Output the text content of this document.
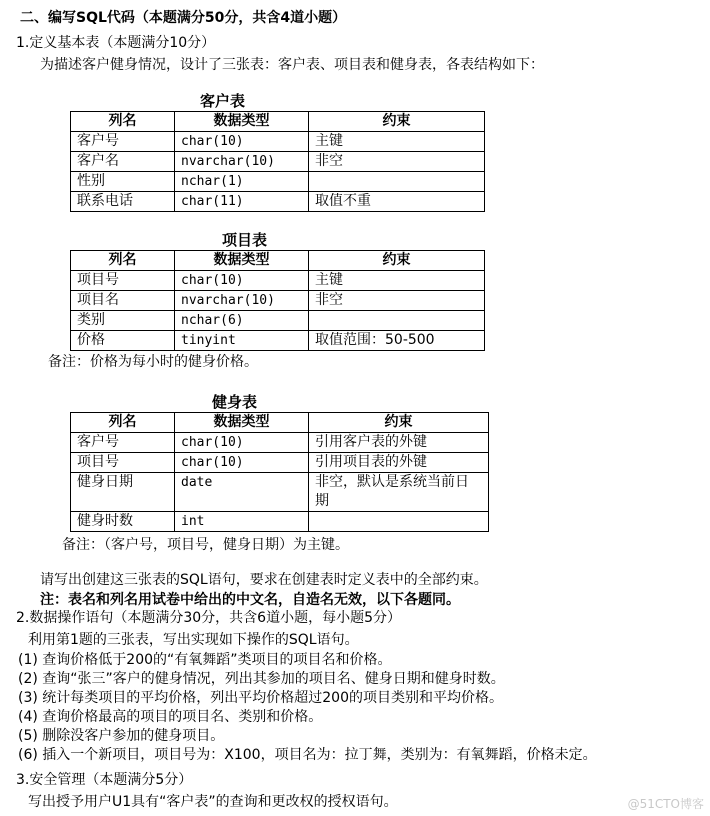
二、编写SQL代码（本题满分50分，共含4道小题）
1.定义基本表（本题满分10分）
为描述客户健身情况，设计了三张表：客户表、项目表和健身表，各表结构如下：
客户表
列名	数据类型	约束
客户号	char(10)	主键
客户名	nvarchar(10)	非空
性别	nchar(1)	
联系电话	char(11)	取值不重
项目表
列名	数据类型	约束
项目号	char(10)	主键
项目名	nvarchar(10)	非空
类别	nchar(6)	
价格	tinyint	取值范围：50-500
备注：价格为每小时的健身价格。
健身表
列名	数据类型	约束
客户号	char(10)	引用客户表的外键
项目号	char(10)	引用项目表的外键
健身日期	date	非空，默认是系统当前日期
健身时数	int	
备注：（客户号，项目号，健身日期）为主键。
请写出创建这三张表的SQL语句，要求在创建表时定义表中的全部约束。
注：表名和列名用试卷中给出的中文名，自造名无效，以下各题同。
2.数据操作语句（本题满分30分，共含6道小题，每小题5分）
利用第1题的三张表，写出实现如下操作的SQL语句。
(1) 查询价格低于200的“有氧舞蹈”类项目的项目名和价格。
(2) 查询“张三”客户的健身情况，列出其参加的项目名、健身日期和健身时数。
(3) 统计每类项目的平均价格，列出平均价格超过200的项目类别和平均价格。
(4) 查询价格最高的项目的项目名、类别和价格。
(5) 删除没客户参加的健身项目。
(6) 插入一个新项目，项目号为：X100，项目名为：拉丁舞，类别为：有氧舞蹈，价格未定。
3.安全管理（本题满分5分）
写出授予用户U1具有“客户表”的查询和更改权的授权语句。	@51CTO博客
